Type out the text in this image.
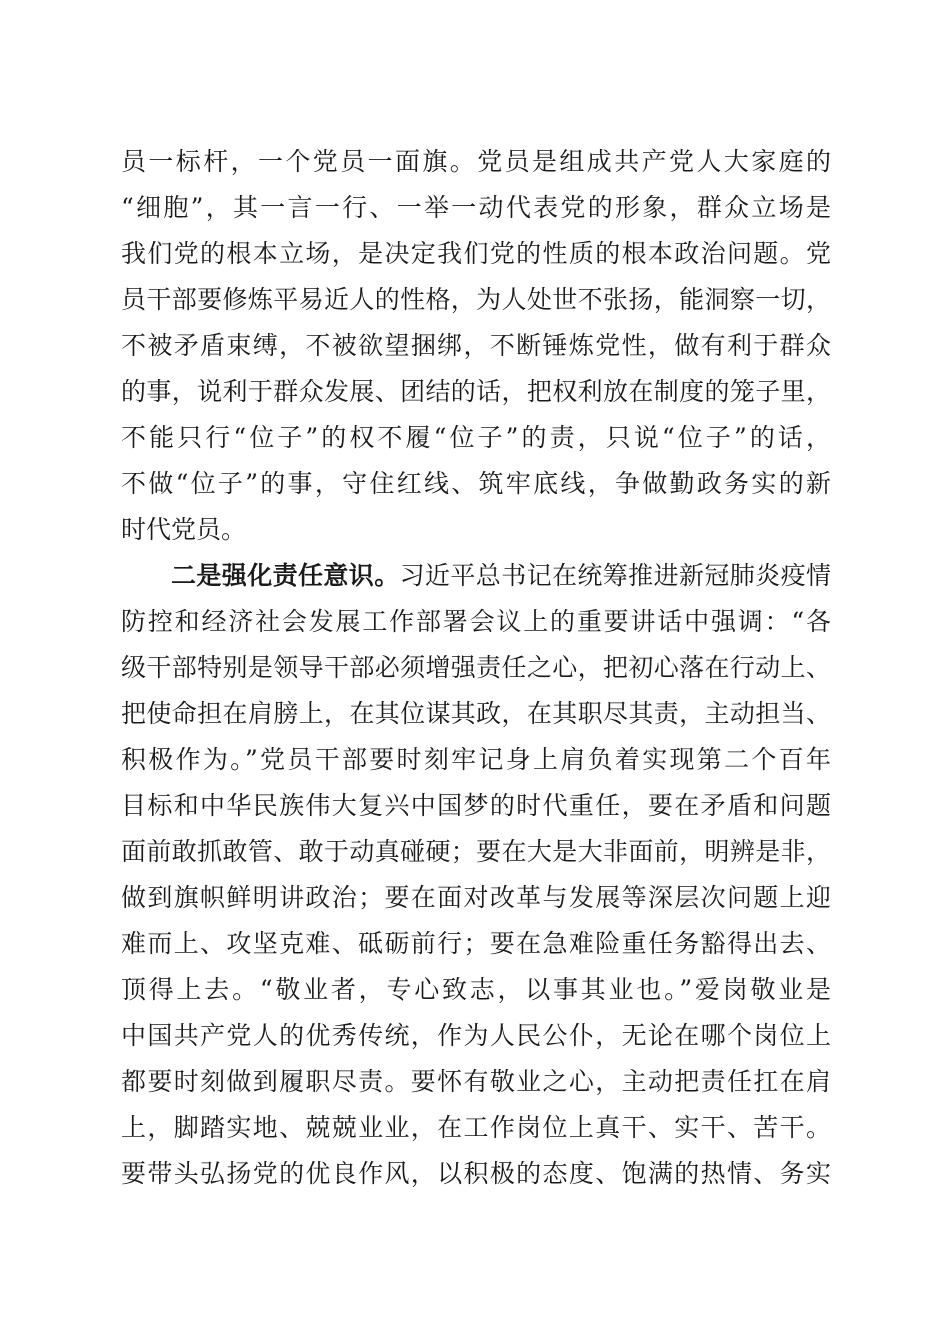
员一标杆，一个党员一面旗。党员是组成共产党人大家庭的
“细胞”，其一言一行、一举一动代表党的形象，群众立场是
我们党的根本立场，是决定我们党的性质的根本政治问题。党
员干部要修炼平易近人的性格，为人处世不张扬，能洞察一切，
不被矛盾束缚，不被欲望捆绑，不断锤炼党性，做有利于群众
的事，说利于群众发展、团结的话，把权利放在制度的笼子里，
不能只行“位子”的权不履“位子”的责，只说“位子”的话，
不做“位子”的事，守住红线、筑牢底线，争做勤政务实的新
时代党员。
二是强化责任意识。习近平总书记在统筹推进新冠肺炎疫情
防控和经济社会发展工作部署会议上的重要讲话中强调：“各
级干部特别是领导干部必须增强责任之心，把初心落在行动上、
把使命担在肩膀上，在其位谋其政，在其职尽其责，主动担当、
积极作为。”党员干部要时刻牢记身上肩负着实现第二个百年
目标和中华民族伟大复兴中国梦的时代重任，要在矛盾和问题
面前敢抓敢管、敢于动真碰硬；要在大是大非面前，明辨是非，
做到旗帜鲜明讲政治；要在面对改革与发展等深层次问题上迎
难而上、攻坚克难、砥砺前行；要在急难险重任务豁得出去、
顶得上去。“敬业者，专心致志，以事其业也。”爱岗敬业是
中国共产党人的优秀传统，作为人民公仆，无论在哪个岗位上
都要时刻做到履职尽责。要怀有敬业之心，主动把责任扛在肩
上，脚踏实地、兢兢业业，在工作岗位上真干、实干、苦干。
要带头弘扬党的优良作风，以积极的态度、饱满的热情、务实
